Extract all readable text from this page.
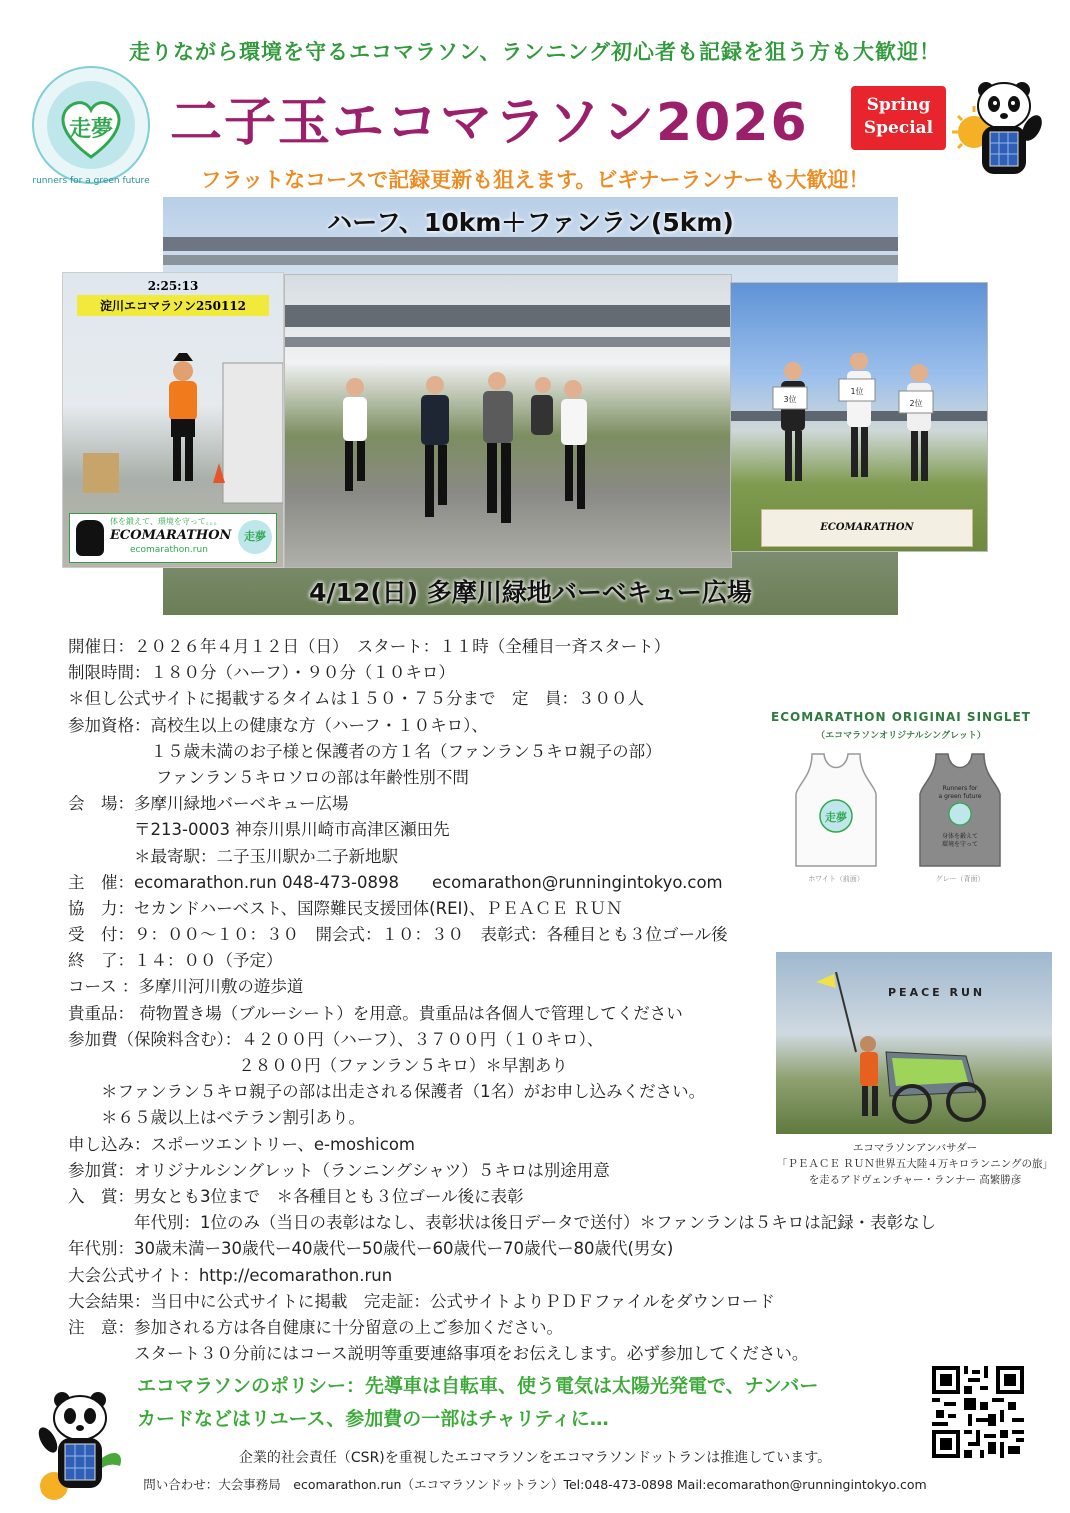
走りながら環境を守るエコマラソン、ランニング初心者も記録を狙う方も大歓迎！
走夢
runners for a green future
二子玉エコマラソン2026	Spring
Special
フラットなコースで記録更新も狙えます。ビギナーランナーも大歓迎！
ハーフ、10km＋ファンラン(5km)
4/12(日) 多摩川緑地バーベキュー広場
2:25:13
淀川エコマラソン250112
体を鍛えて、環境を守って。。。
ECOMARATHON
ecomarathon.run
走夢
3位
1位
2位
ECOMARATHON
開催日：２０２６年４月１２日（日）　スタート：１１時（全種目一斉スタート）
制限時間：１８０分（ハーフ）・９０分（１０キロ）
＊但し公式サイトに掲載するタイムは１５０・７５分まで　定　員：３００人
参加資格：高校生以上の健康な方（ハーフ・１０キロ）、
　　　　　１５歳未満のお子様と保護者の方１名（ファンラン５キロ親子の部）
　　　　　 ファンラン５キロソロの部は年齢性別不問
会　場：多摩川緑地バーベキュー広場
　　　　〒213-0003 神奈川県川崎市高津区瀬田先
　　　　＊最寄駅：二子玉川駅か二子新地駅
主　催：ecomarathon.run 048-473-0898　　ecomarathon@runningintokyo.com
協　力：セカンドハーベスト、国際難民支援団体(REI)、ＰＥＡＣＥ ＲＵＮ
受　付：９：００〜１０：３０　開会式：１０：３０　表彰式：各種目とも３位ゴール後
終　了：１４：００（予定）
コース ：多摩川河川敷の遊歩道
貴重品： 荷物置き場（ブルーシート）を用意。貴重品は各個人で管理してください
参加費（保険料含む）：４２００円（ハーフ）、３７００円（１０キロ）、
　　　　　　　　　　 ２８００円（ファンラン５キロ）＊早割あり
　　＊ファンラン５キロ親子の部は出走される保護者（1名）がお申し込みください。
　　＊６５歳以上はベテラン割引あり。
申し込み：スポーツエントリー、e-moshicom
参加賞：オリジナルシングレット（ランニングシャツ）５キロは別途用意
入　賞：男女とも3位まで　＊各種目とも３位ゴール後に表彰
　　　　年代別：1位のみ（当日の表彰はなし、表彰状は後日データで送付）＊ファンランは５キロは記録・表彰なし
年代別：30歳未満ー30歳代ー40歳代ー50歳代ー60歳代ー70歳代ー80歳代(男女)
大会公式サイト：http://ecomarathon.run
大会結果：当日中に公式サイトに掲載　完走証：公式サイトよりＰＤＦファイルをダウンロード
注　意：参加される方は各自健康に十分留意の上ご参加ください。
　　　　スタート３０分前にはコース説明等重要連絡事項をお伝えします。必ず参加してください。
ECOMARATHON ORIGINAI SINGLET
（エコマラソンオリジナルシングレット）
走夢
Runners for
a green future
身体を鍛えて
環境を守って
ホワイト（前面）	グレー（背面）
PEACE RUN
エコマラソンアンバサダー
「ＰＥＡＣＥ ＲＵＮ世界五大陸４万キロランニングの旅」
を走るアドヴェンチャー・ランナー 高繁勝彦
エコマラソンのポリシー：先導車は自転車、使う電気は太陽光発電で、ナンバー
カードなどはリユース、参加費の一部はチャリティに…
企業的社会責任（CSR)を重視したエコマラソンをエコマラソンドットランは推進しています。
問い合わせ：大会事務局　ecomarathon.run（エコマラソンドットラン）Tel:048-473-0898 Mail:ecomarathon@runningintokyo.com
